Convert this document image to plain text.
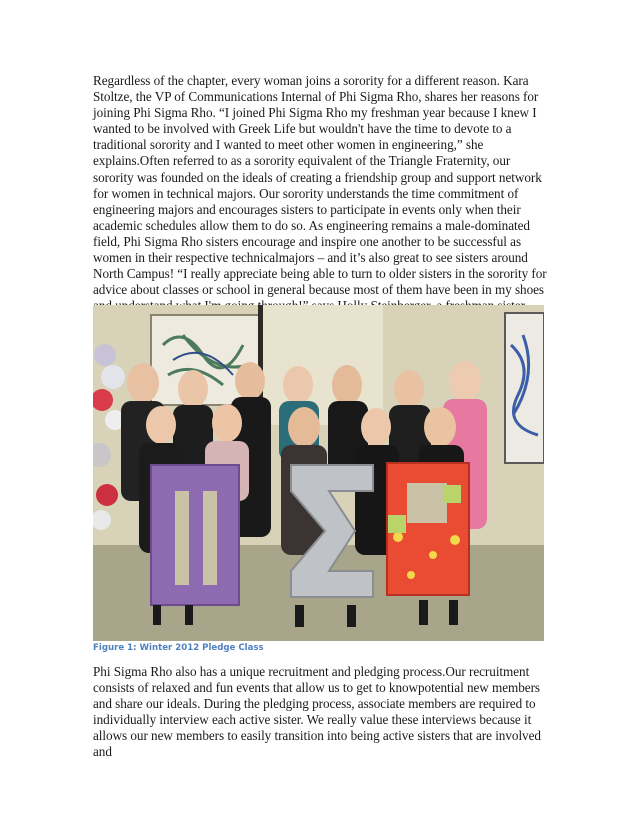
Regardless of the chapter, every woman joins a sorority for a different reason. Kara Stoltze, the VP of Communications Internal of Phi Sigma Rho, shares her reasons for joining Phi Sigma Rho. “I joined Phi Sigma Rho my freshman year because I knew I wanted to be involved with Greek Life but wouldn't have the time to devote to a traditional sorority and I wanted to meet other women in engineering,” she explains.Often referred to as a sorority equivalent of the Triangle Fraternity, our sorority was founded on the ideals of creating a friendship group and support network for women in technical majors. Our sorority understands the time commitment of engineering majors and encourages sisters to participate in events only when their academic schedules allow them to do so. As engineering remains a male-dominated field, Phi Sigma Rho sisters encourage and inspire one another to be successful as women in their respective technicalmajors – and it’s also great to see sisters around North Campus! “I really appreciate being able to turn to older sisters in the sorority for advice about classes or school in general because most of them have been in my shoes

Figure 1: Winter 2012 Pledge Class

Phi Sigma Rho also has a unique recruitment and pledging process.Our recruitment consists of relaxed and fun events that allow us to get to knowpotential new members and share our ideals. During the pledging process, associate members are required to individually interview each active sister. We really value these interviews because it allows our new members to easily transition into being active sisters that are involved and
